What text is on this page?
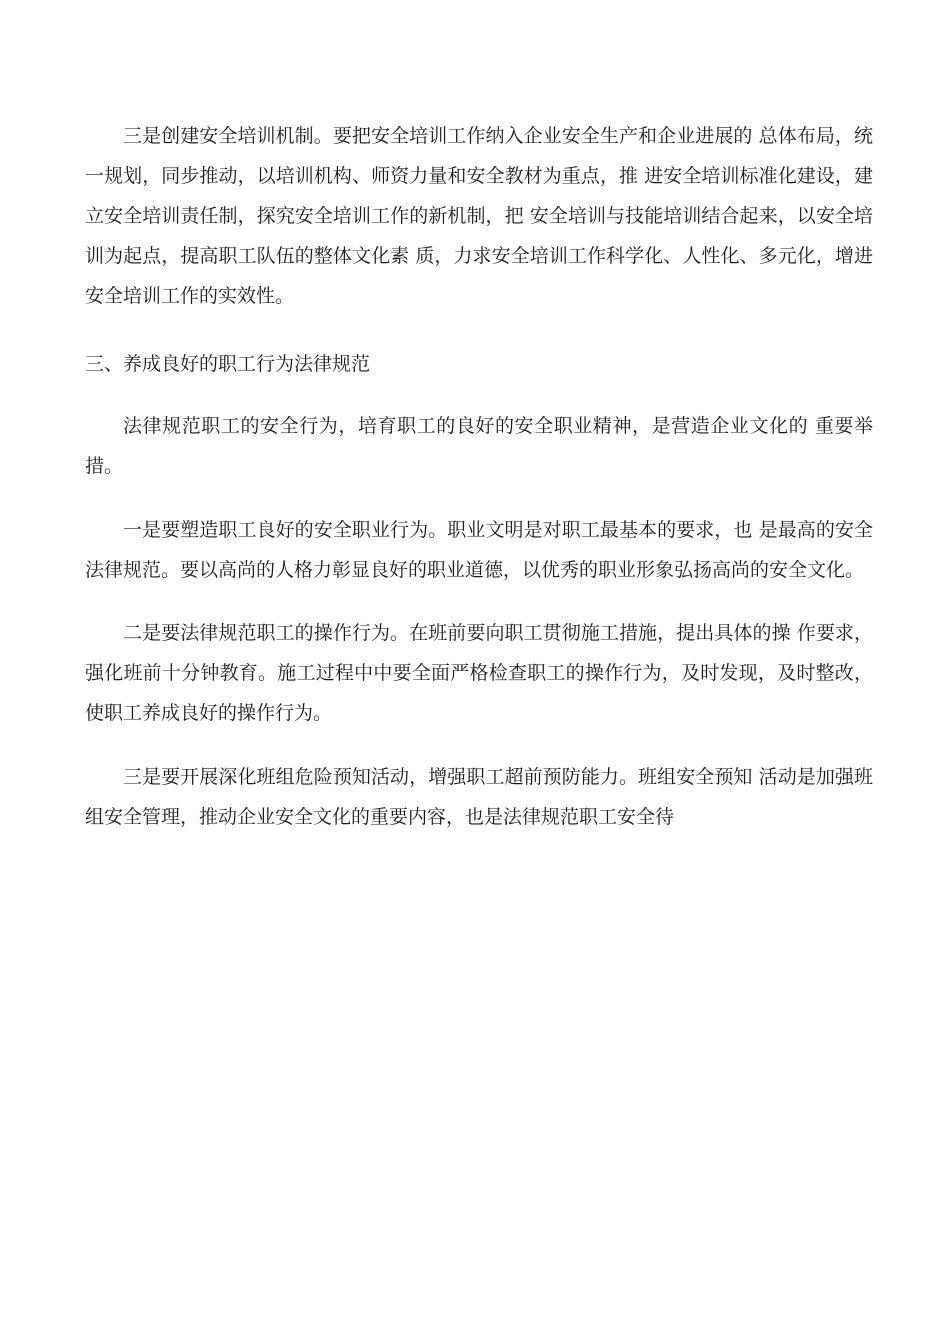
三是创建安全培训机制。要把安全培训工作纳入企业安全生产和企业进展的 总体布局，统一规划，同步推动，以培训机构、师资力量和安全教材为重点，推 进安全培训标准化建设，建立安全培训责任制，探究安全培训工作的新机制，把 安全培训与技能培训结合起来，以安全培训为起点，提高职工队伍的整体文化素 质，力求安全培训工作科学化、人性化、多元化，增进安全培训工作的实效性。

三、养成良好的职工行为法律规范

法律规范职工的安全行为，培育职工的良好的安全职业精神，是营造企业文化的 重要举措。

一是要塑造职工良好的安全职业行为。职业文明是对职工最基本的要求，也 是最高的安全法律规范。要以高尚的人格力彰显良好的职业道德，以优秀的职业形象弘扬高尚的安全文化。

二是要法律规范职工的操作行为。在班前要向职工贯彻施工措施，提出具体的操 作要求，强化班前十分钟教育。施工过程中中要全面严格检查职工的操作行为，及时发现，及时整改，使职工养成良好的操作行为。

三是要开展深化班组危险预知活动，增强职工超前预防能力。班组安全预知 活动是加强班组安全管理，推动企业安全文化的重要内容，也是法律规范职工安全待
